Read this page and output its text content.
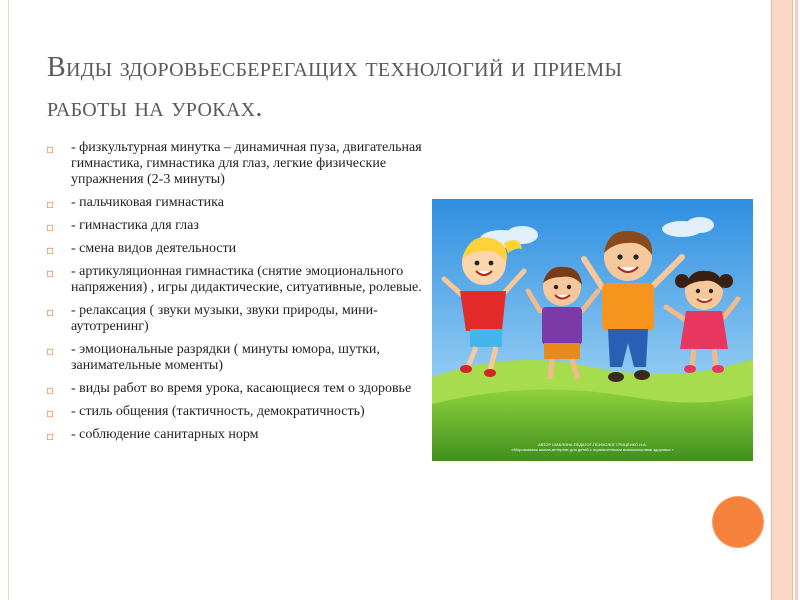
Виды здоровьесберегащих технологий и приемы
работы на уроках.
▫ - физкультурная минутка – динамичная пуза, двигательная гимнастика, гимнастика для глаз, легкие физические упражнения (2-3 минуты)
▫ - пальчиковая гимнастика
▫ - гимнастика для глаз
▫ - смена видов деятельности
▫ - артикуляционная гимнастика (снятие эмоционального напряжения) , игры дидактические, ситуативные, ролевые.
▫ - релаксация ( звуки музыки, звуки природы, мини-аутотренинг)
▫ - эмоциональные разрядки ( минуты юмора, шутки, занимательные моменты)
▫ - виды работ во время урока, касающиеся тем о здоровье
▫ - стиль общения (тактичность, демократичность)
▫ - соблюдение санитарных норм
АВТОР ШАБЛОНА ПЕДАГОГ-ПСИХОЛОГ ГРИЦЕНКО Н.А.
«Морозовская школа-интернат для детей с ограниченными возможностями здоровья »
